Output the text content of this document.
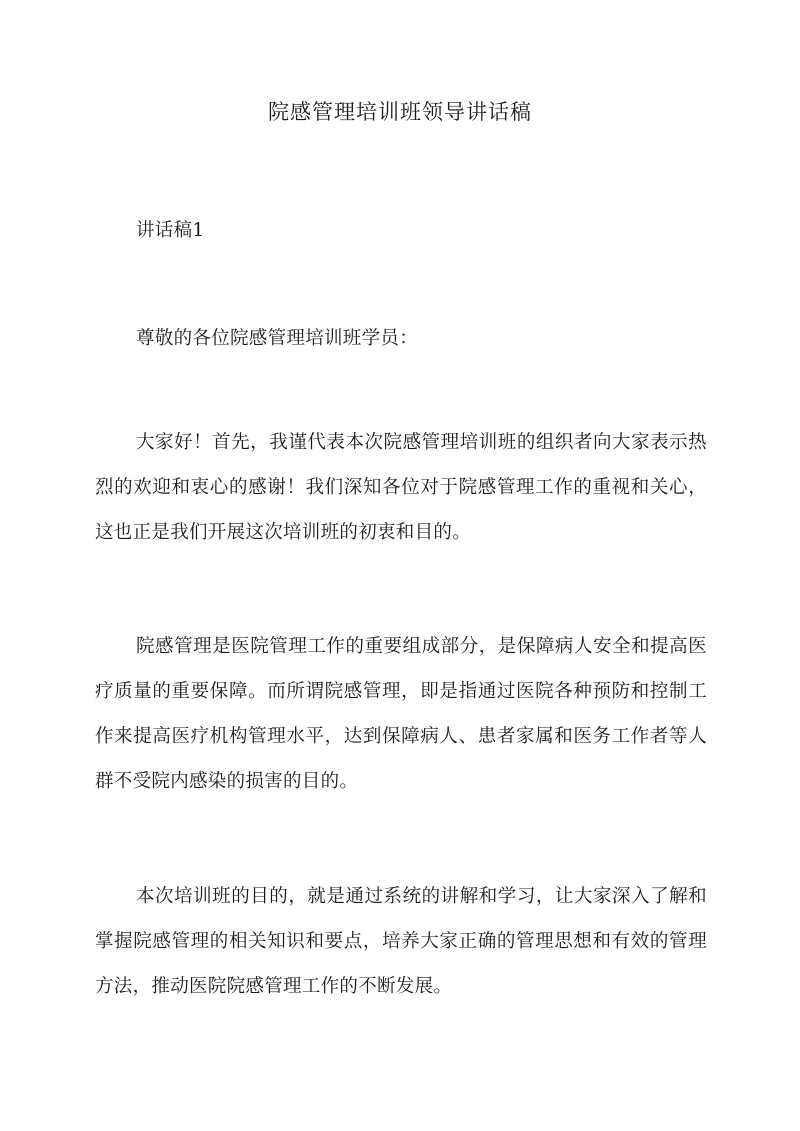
院感管理培训班领导讲话稿

讲话稿1

尊敬的各位院感管理培训班学员：

大家好！首先，我谨代表本次院感管理培训班的组织者向大家表示热烈的欢迎和衷心的感谢！我们深知各位对于院感管理工作的重视和关心，这也正是我们开展这次培训班的初衷和目的。

院感管理是医院管理工作的重要组成部分，是保障病人安全和提高医疗质量的重要保障。而所谓院感管理，即是指通过医院各种预防和控制工作来提高医疗机构管理水平，达到保障病人、患者家属和医务工作者等人群不受院内感染的损害的目的。

本次培训班的目的，就是通过系统的讲解和学习，让大家深入了解和掌握院感管理的相关知识和要点，培养大家正确的管理思想和有效的管理方法，推动医院院感管理工作的不断发展。
